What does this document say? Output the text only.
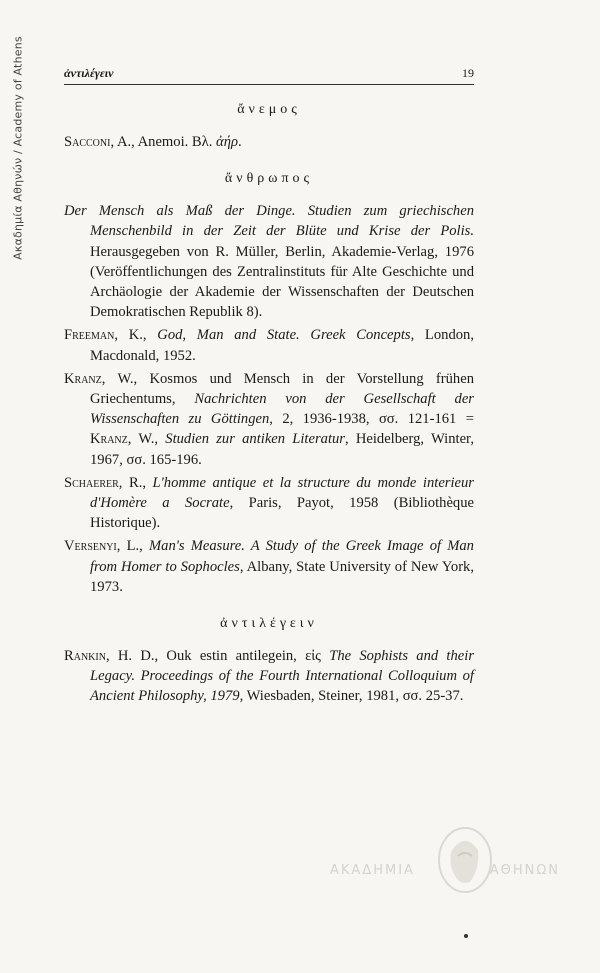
Ακαδημία Αθηνών / Academy of Athens	ἀντιλέγειν	19
ἄνεμος

Sacconi, A., Anemoi. Βλ. ἀήρ.

ἄνθρωπος

Der Mensch als Maß der Dinge. Studien zum griechischen Menschenbild in der Zeit der Blüte und Krise der Polis. Herausgegeben von R. Müller, Berlin, Akademie-Verlag, 1976 (Veröffentlichungen des Zentralinstituts für Alte Geschichte und Archäologie der Akademie der Wissenschaften der Deutschen Demokratischen Republik 8).

Freeman, K., God, Man and State. Greek Concepts, London, Macdonald, 1952.

Kranz, W., Kosmos und Mensch in der Vorstellung frühen Griechentums, Nachrichten von der Gesellschaft der Wissenschaften zu Göttingen, 2, 1936-1938, σσ. 121-161 = Kranz, W., Studien zur antiken Literatur, Heidelberg, Winter, 1967, σσ. 165-196.

Schaerer, R., L'homme antique et la structure du monde interieur d'Homère a Socrate, Paris, Payot, 1958 (Bibliothèque Historique).

Versenyi, L., Man's Measure. A Study of the Greek Image of Man from Homer to Sophocles, Albany, State University of New York, 1973.

ἀντιλέγειν

Rankin, H. D., Ouk estin antilegein, εἰς The Sophists and their Legacy. Proceedings of the Fourth International Colloquium of Ancient Philosophy, 1979, Wiesbaden, Steiner, 1981, σσ. 25-37.

ΑΚΑΔΗΜΙΑ	ΑΘΗΝΩΝ
